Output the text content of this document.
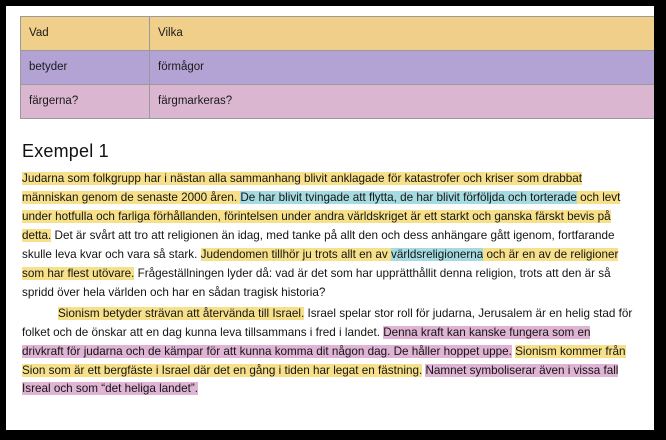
Vad	Vilka
betyder	förmågor
färgerna?	färgmarkeras?
Exempel 1
Judarna som folkgrupp har i nästan alla sammanhang blivit anklagade för katastrofer och kriser som drabbat människan genom de senaste 2000 åren. De har blivit tvingade att flytta, de har blivit förföljda och torterade och levt under hotfulla och farliga förhållanden, förintelsen under andra världskriget är ett starkt och ganska färskt bevis på detta. Det är svårt att tro att religionen än idag, med tanke på allt den och dess anhängare gått igenom, fortfarande skulle leva kvar och vara så stark. Judendomen tillhör ju trots allt en av världsreligionerna och är en av de religioner som har flest utövare. Frågeställningen lyder då: vad är det som har upprätthållit denna religion, trots att den är så spridd över hela världen och har en sådan tragisk historia?
Sionism betyder strävan att återvända till Israel. Israel spelar stor roll för judarna, Jerusalem är en helig stad för folket och de önskar att en dag kunna leva tillsammans i fred i landet. Denna kraft kan kanske fungera som en drivkraft för judarna och de kämpar för att kunna komma dit någon dag. De håller hoppet uppe. Sionism kommer från Sion som är ett bergfäste i Israel där det en gång i tiden har legat en fästning. Namnet symboliserar även i vissa fall Isreal och som “det heliga landet”.
